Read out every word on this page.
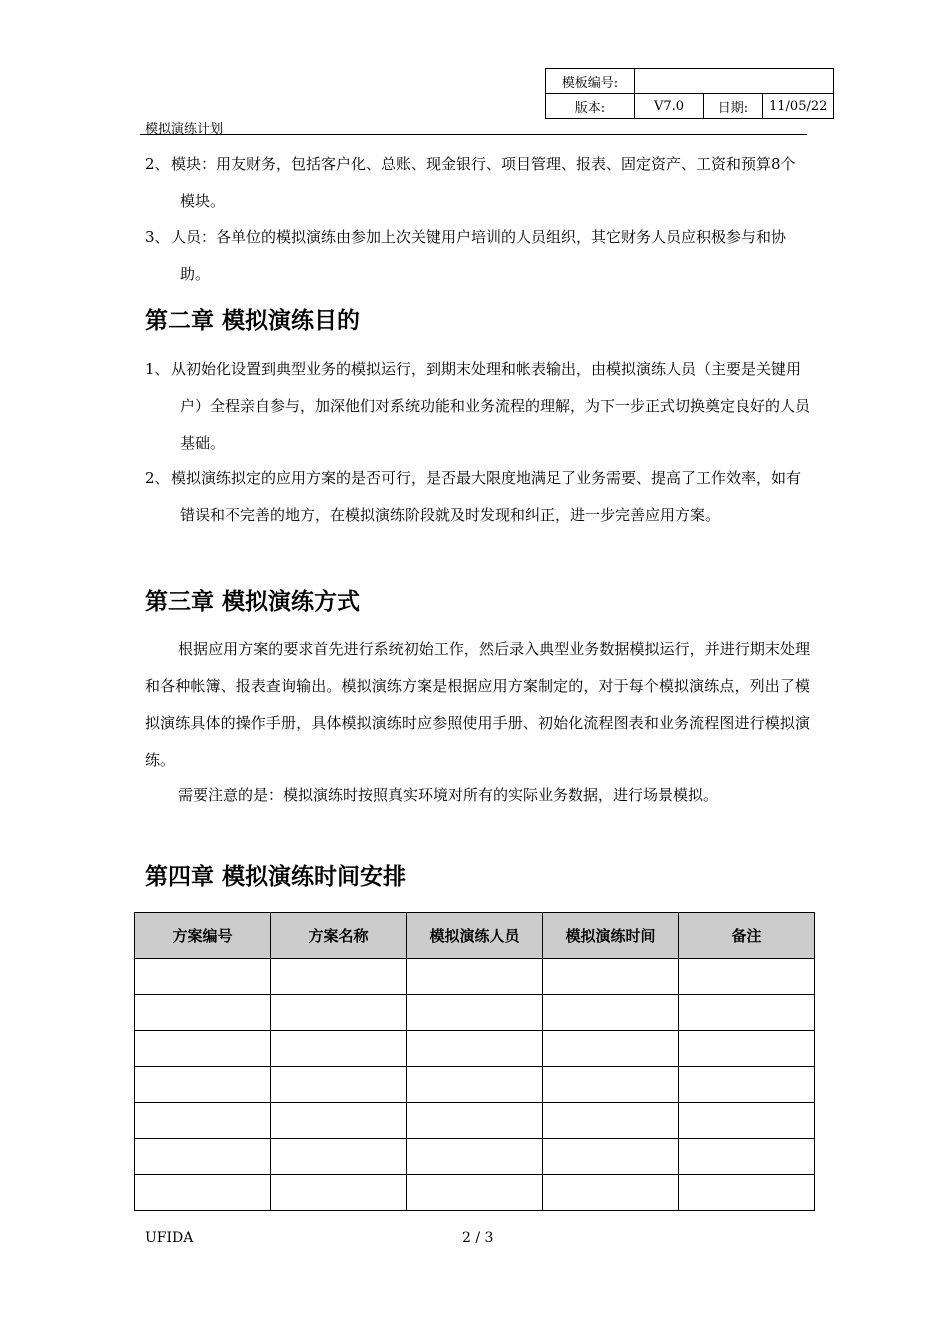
模板编号:			
版本:	V7.0	日期:	11/05/22
模拟演练计划
2、 模块：用友财务，包括客户化、总账、现金银行、项目管理、报表、固定资产、工资和预算8个模块。
3、 人员：各单位的模拟演练由参加上次关键用户培训的人员组织，其它财务人员应积极参与和协助。
第二章 模拟演练目的
1、 从初始化设置到典型业务的模拟运行，到期末处理和帐表输出，由模拟演练人员（主要是关键用户）全程亲自参与，加深他们对系统功能和业务流程的理解，为下一步正式切换奠定良好的人员基础。
2、 模拟演练拟定的应用方案的是否可行，是否最大限度地满足了业务需要、提高了工作效率，如有错误和不完善的地方，在模拟演练阶段就及时发现和纠正，进一步完善应用方案。
第三章 模拟演练方式
根据应用方案的要求首先进行系统初始工作，然后录入典型业务数据模拟运行，并进行期末处理和各种帐簿、报表查询输出。模拟演练方案是根据应用方案制定的，对于每个模拟演练点，列出了模拟演练具体的操作手册，具体模拟演练时应参照使用手册、初始化流程图表和业务流程图进行模拟演练。
需要注意的是：模拟演练时按照真实环境对所有的实际业务数据，进行场景模拟。
第四章 模拟演练时间安排
方案编号	方案名称	模拟演练人员	模拟演练时间	备注

UFIDA	2 / 3
